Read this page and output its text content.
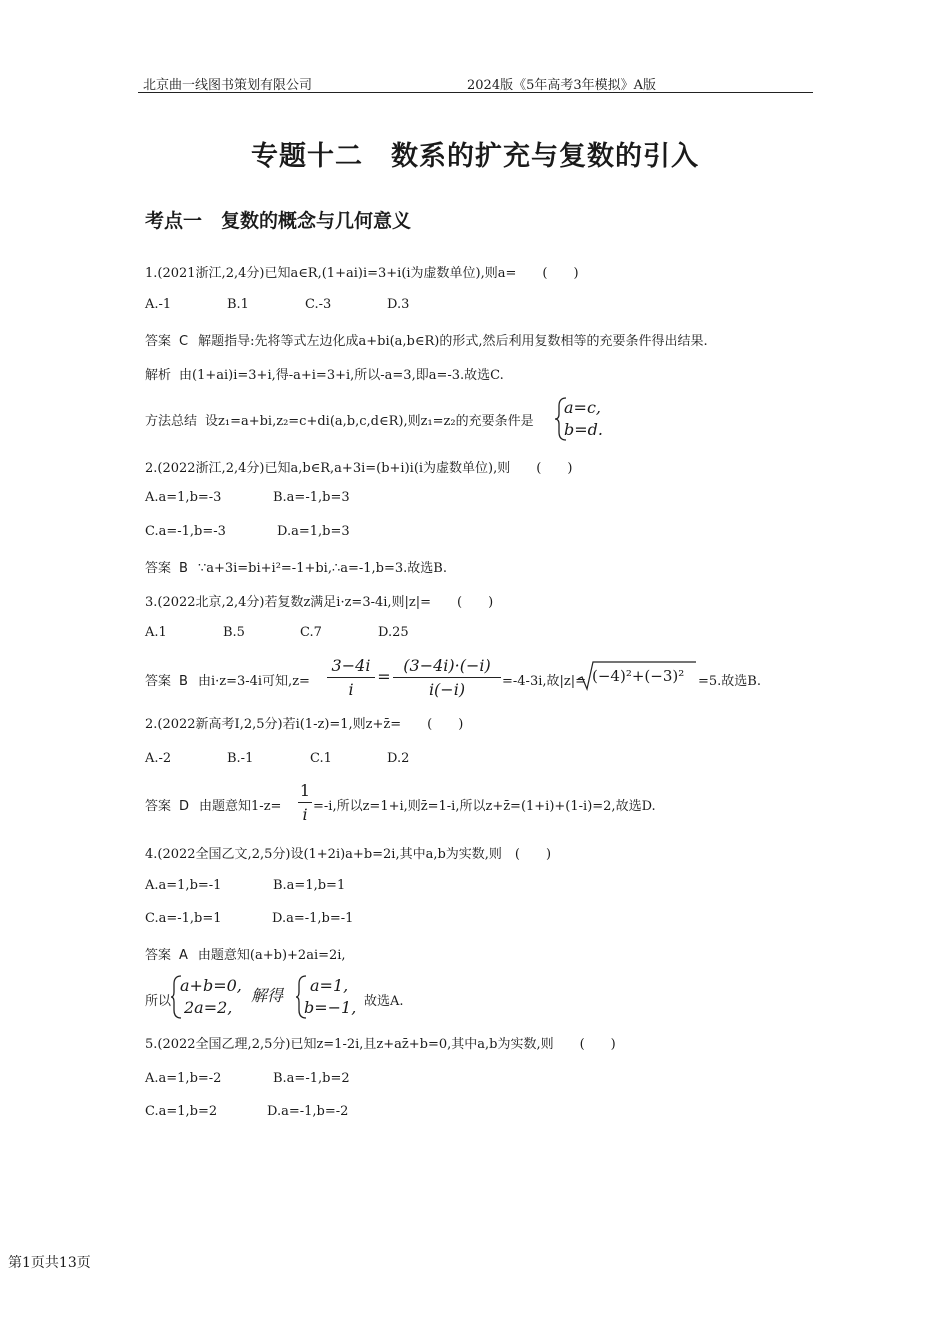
北京曲一线图书策划有限公司	2024版《5年高考3年模拟》A版
专题十二　数系的扩充与复数的引入
考点一　复数的概念与几何意义
1.(2021浙江,2,4分)已知a∈R,(1+ai)i=3+i(i为虚数单位),则a=　　(　　)
A.-1	B.1	C.-3	D.3
答案 C 解题指导:先将等式左边化成a+bi(a,b∈R)的形式,然后利用复数相等的充要条件得出结果.
解析 由(1+ai)i=3+i,得-a+i=3+i,所以-a=3,即a=-3.故选C.
方法总结 设z₁=a+bi,z₂=c+di(a,b,c,d∈R),则z₁=z₂的充要条件是
a=c,
b=d.
2.(2022浙江,2,4分)已知a,b∈R,a+3i=(b+i)i(i为虚数单位),则　　(　　)
A.a=1,b=-3	B.a=-1,b=3
C.a=-1,b=-3	D.a=1,b=3
答案 B ∵a+3i=bi+i²=-1+bi,∴a=-1,b=3.故选B.
3.(2022北京,2,4分)若复数z满足i·z=3-4i,则|z|=　　(　　)
A.1	B.5	C.7	D.25
答案 B 由i·z=3-4i可知,z=
3−4i
i
=
(3−4i)·(−i)
i(−i)	=-4-3i,故|z|= (−4)²+(−3)²	=5.故选B.
2.(2022新高考Ⅰ,2,5分)若i(1-z)=1,则z+z̄=　　(　　)
A.-2	B.-1	C.1	D.2
答案 D 由题意知1-z=
1
i =-i,所以z=1+i,则z̄=1-i,所以z+z̄=(1+i)+(1-i)=2,故选D.
4.(2022全国乙文,2,5分)设(1+2i)a+b=2i,其中a,b为实数,则　(　　)
A.a=1,b=-1	B.a=1,b=1
C.a=-1,b=1	D.a=-1,b=-1
答案 A 由题意知(a+b)+2ai=2i,
所以
a+b=0,
2a=2,
解得
a=1,
b=−1, 故选A.
5.(2022全国乙理,2,5分)已知z=1-2i,且z+az̄+b=0,其中a,b为实数,则　　(　　)
A.a=1,b=-2	B.a=-1,b=2
C.a=1,b=2	D.a=-1,b=-2
第1页共13页
